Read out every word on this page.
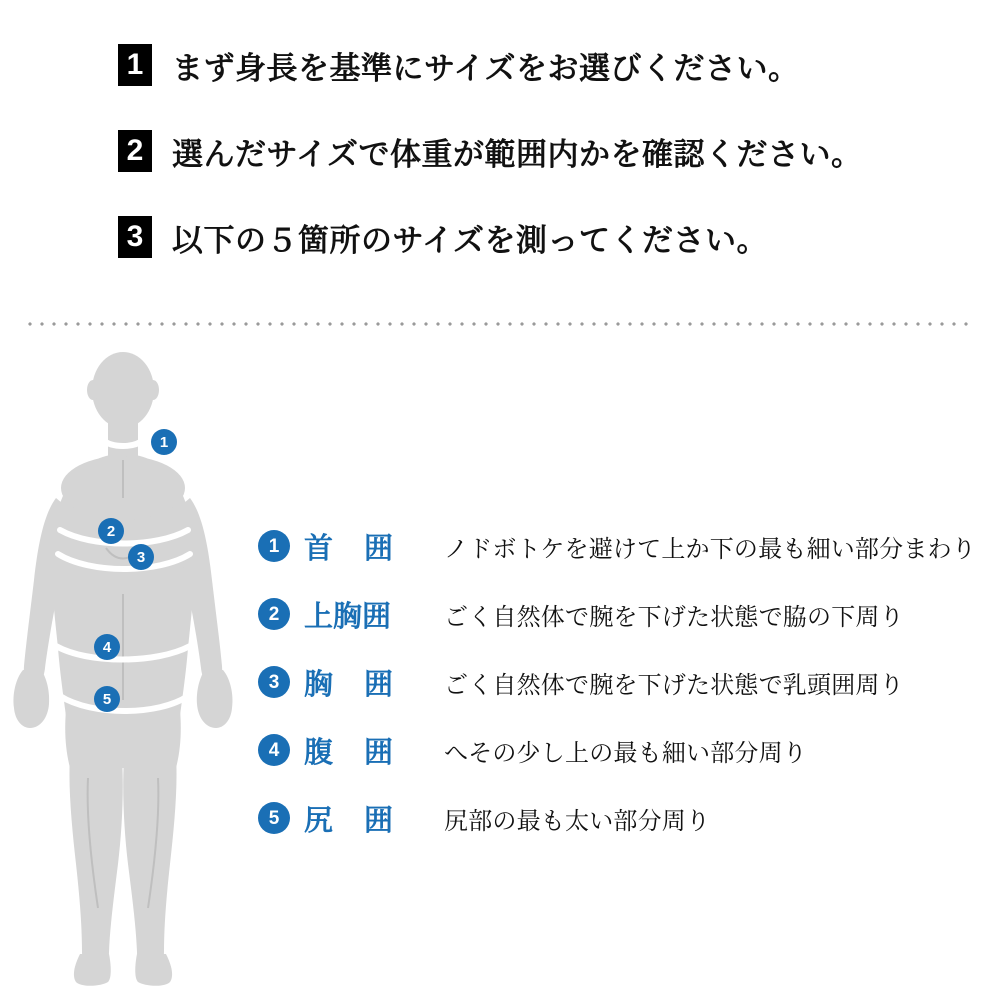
1 まず身長を基準にサイズをお選びください。
2 選んだサイズで体重が範囲内かを確認ください。
3 以下の５箇所のサイズを測ってください。
1
2
3
4
5
1 首　囲	ノドボトケを避けて上か下の最も細い部分まわり
2 上胸囲	ごく自然体で腕を下げた状態で脇の下周り
3 胸　囲	ごく自然体で腕を下げた状態で乳頭囲周り
4 腹　囲	へその少し上の最も細い部分周り
5 尻　囲	尻部の最も太い部分周り
